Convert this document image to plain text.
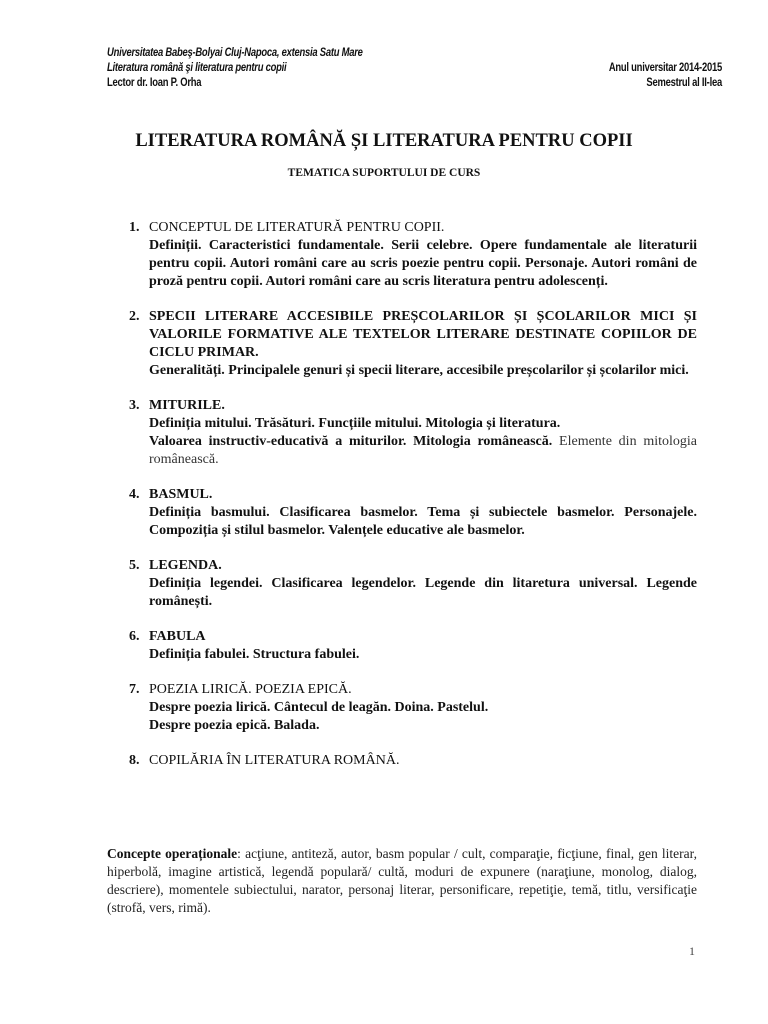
Universitatea Babeş-Bolyai Cluj-Napoca, extensia Satu Mare
Literatura română şi literatura pentru copii
Lector dr. Ioan P. Orha
Anul universitar 2014-2015
Semestrul al II-lea
LITERATURA ROMÂNĂ ȘI LITERATURA PENTRU COPII
TEMATICA SUPORTULUI DE CURS
1. CONCEPTUL DE LITERATURĂ PENTRU COPII.
Definiții. Caracteristici fundamentale. Serii celebre. Opere fundamentale ale literaturii pentru copii. Autori români care au scris poezie pentru copii. Personaje. Autori români de proză pentru copii. Autori români care au scris literatura pentru adolescenți.
2. SPECII LITERARE ACCESIBILE PREȘCOLARILOR ȘI ȘCOLARILOR MICI ȘI VALORILE FORMATIVE ALE TEXTELOR LITERARE DESTINATE COPIILOR DE CICLU PRIMAR.
Generalități. Principalele genuri și specii literare, accesibile preșcolarilor și școlarilor mici.
3. MITURILE.
Definiția mitului. Trăsături. Funcțiile mitului. Mitologia și literatura.
Valoarea instructiv-educativă a miturilor. Mitologia românească. Elemente din mitologia românească.
4. BASMUL.
Definiția basmului. Clasificarea basmelor. Tema și subiectele basmelor. Personajele. Compoziția și stilul basmelor. Valențele educative ale basmelor.
5. LEGENDA.
Definiția legendei. Clasificarea legendelor. Legende din litaretura universal. Legende românești.
6. FABULA
Definiția fabulei. Structura fabulei.
7. POEZIA LIRICĂ. POEZIA EPICĂ.
Despre poezia lirică. Cântecul de leagăn. Doina. Pastelul.
Despre poezia epică. Balada.
8. COPILĂRIA ÎN LITERATURA ROMÂNĂ.
Concepte operaționale: acţiune, antiteză, autor, basm popular / cult, comparaţie, ficţiune, final, gen literar, hiperbolă, imagine artistică, legendă populară/ cultă, moduri de expunere (naraţiune, monolog, dialog, descriere), momentele subiectului, narator, personaj literar, personificare, repetiţie, temă, titlu, versificaţie (strofă, vers, rimă).
1
